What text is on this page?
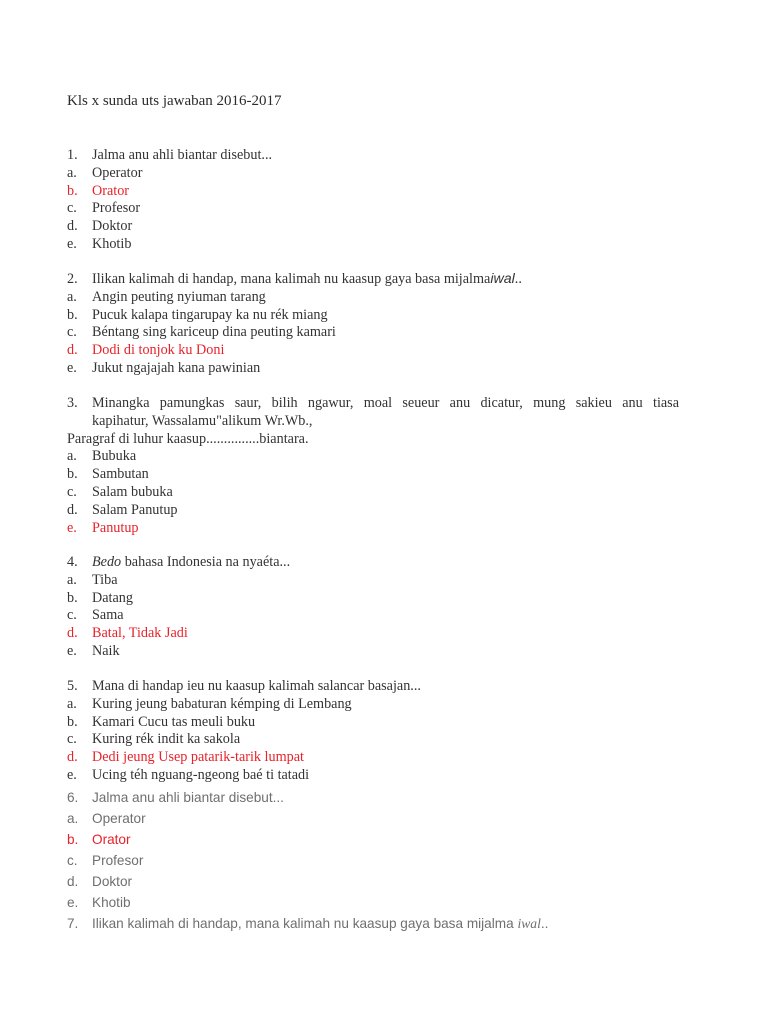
Kls x sunda uts jawaban 2016-2017
1. Jalma anu ahli biantar disebut...
a. Operator
b. Orator
c. Profesor
d. Doktor
e. Khotib
2. Ilikan kalimah di handap, mana kalimah nu kaasup gaya basa mijalmaiwal..
a. Angin peuting nyiuman tarang
b. Pucuk kalapa tingarupay ka nu rék miang
c. Béntang sing kariceup dina peuting kamari
d. Dodi di tonjok ku Doni
e. Jukut ngajajah kana pawinian
3. Minangka pamungkas saur, bilih ngawur, moal seueur anu dicatur, mung sakieu anu tiasa
kapihatur, Wassalamu"alikum Wr.Wb.,
Paragraf di luhur kaasup...............biantara.
a. Bubuka
b. Sambutan
c. Salam bubuka
d. Salam Panutup
e. Panutup
4. Bedo bahasa Indonesia na nyaéta...
a. Tiba
b. Datang
c. Sama
d. Batal, Tidak Jadi
e. Naik
5. Mana di handap ieu nu kaasup kalimah salancar basajan...
a. Kuring jeung babaturan kémping di Lembang
b. Kamari Cucu tas meuli buku
c. Kuring rék indit ka sakola
d. Dedi jeung Usep patarik-tarik lumpat
e. Ucing téh nguang-ngeong baé ti tatadi
6. Jalma anu ahli biantar disebut...
a. Operator
b. Orator
c. Profesor
d. Doktor
e. Khotib
7. Ilikan kalimah di handap, mana kalimah nu kaasup gaya basa mijalma iwal..
